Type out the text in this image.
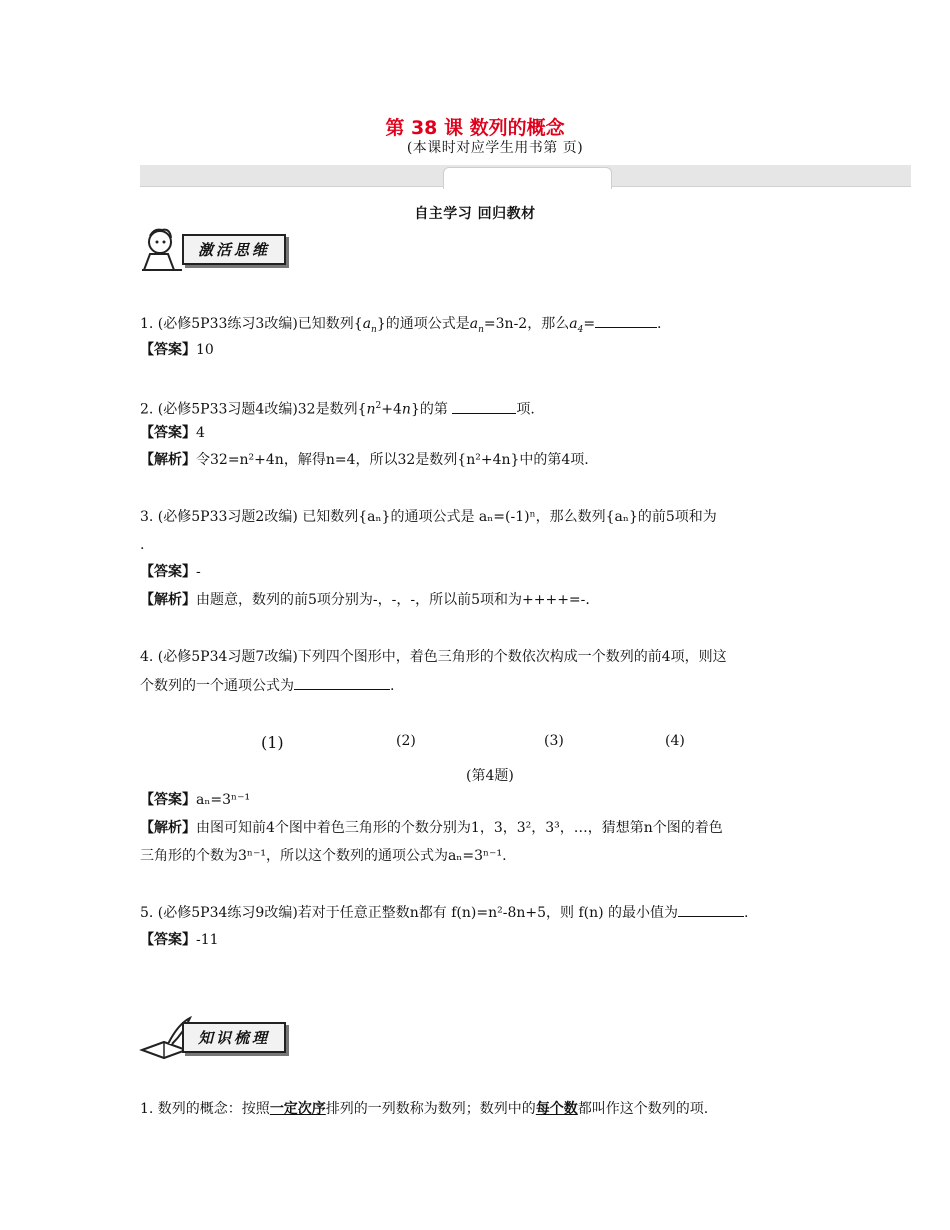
第 38 课 数列的概念
(本课时对应学生用书第 页)
自主学习 回归教材
激活思维
1. (必修5P33练习3改编)已知数列$\{a_n\}$的通项公式是$a_n=3n-2$，那么$a_4=$	.
【答案】10
2. (必修5P33习题4改编)32是数列$\{n^2+4n\}$的第	项.
【答案】4
【解析】令32=n²+4n，解得n=4，所以32是数列{n²+4n}中的第4项.
3. (必修5P33习题2改编) 已知数列{aₙ}的通项公式是 aₙ=(-1)ⁿ，那么数列{aₙ}的前5项和为
.
【答案】-
【解析】由题意，数列的前5项分别为-，-，-，所以前5项和为++++=-.
4. (必修5P34习题7改编)下列四个图形中，着色三角形的个数依次构成一个数列的前4项，则这
个数列的一个通项公式为	.
(1)	(2)	(3)	(4)
(第4题)
【答案】aₙ=3ⁿ⁻¹
【解析】由图可知前4个图中着色三角形的个数分别为1，3，3²，3³，…，猜想第n个图的着色
三角形的个数为3ⁿ⁻¹，所以这个数列的通项公式为aₙ=3ⁿ⁻¹.
5. (必修5P34练习9改编)若对于任意正整数n都有 f(n)=n²-8n+5，则 f(n) 的最小值为	.
【答案】-11
知识梳理
1. 数列的概念：按照一定次序排列的一列数称为数列；数列中的每个数都叫作这个数列的项.
